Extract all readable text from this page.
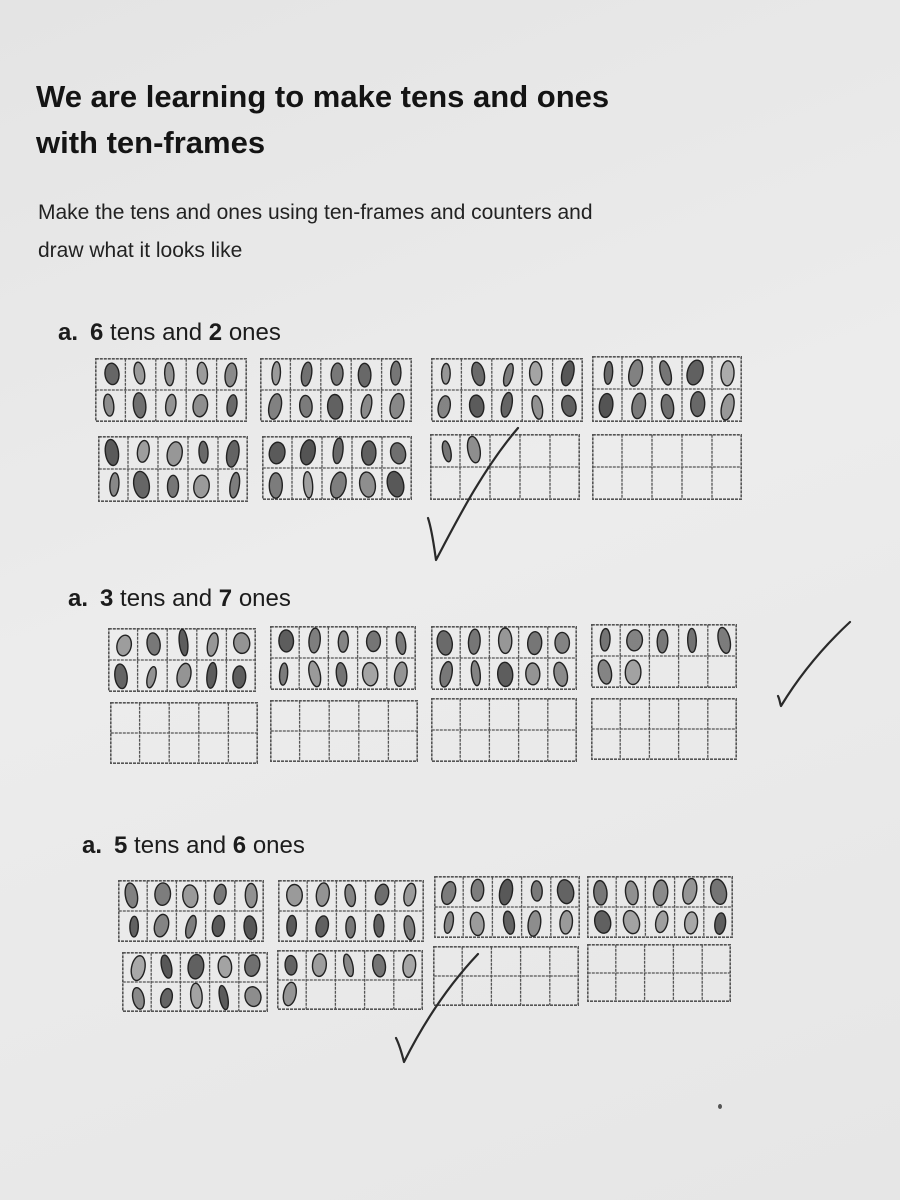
We are learning to make tens and ones
with ten-frames

Make the tens and ones using ten-frames and counters and
draw what it looks like

a. 6 tens and 2 ones
a. 3 tens and 7 ones
a. 5 tens and 6 ones
